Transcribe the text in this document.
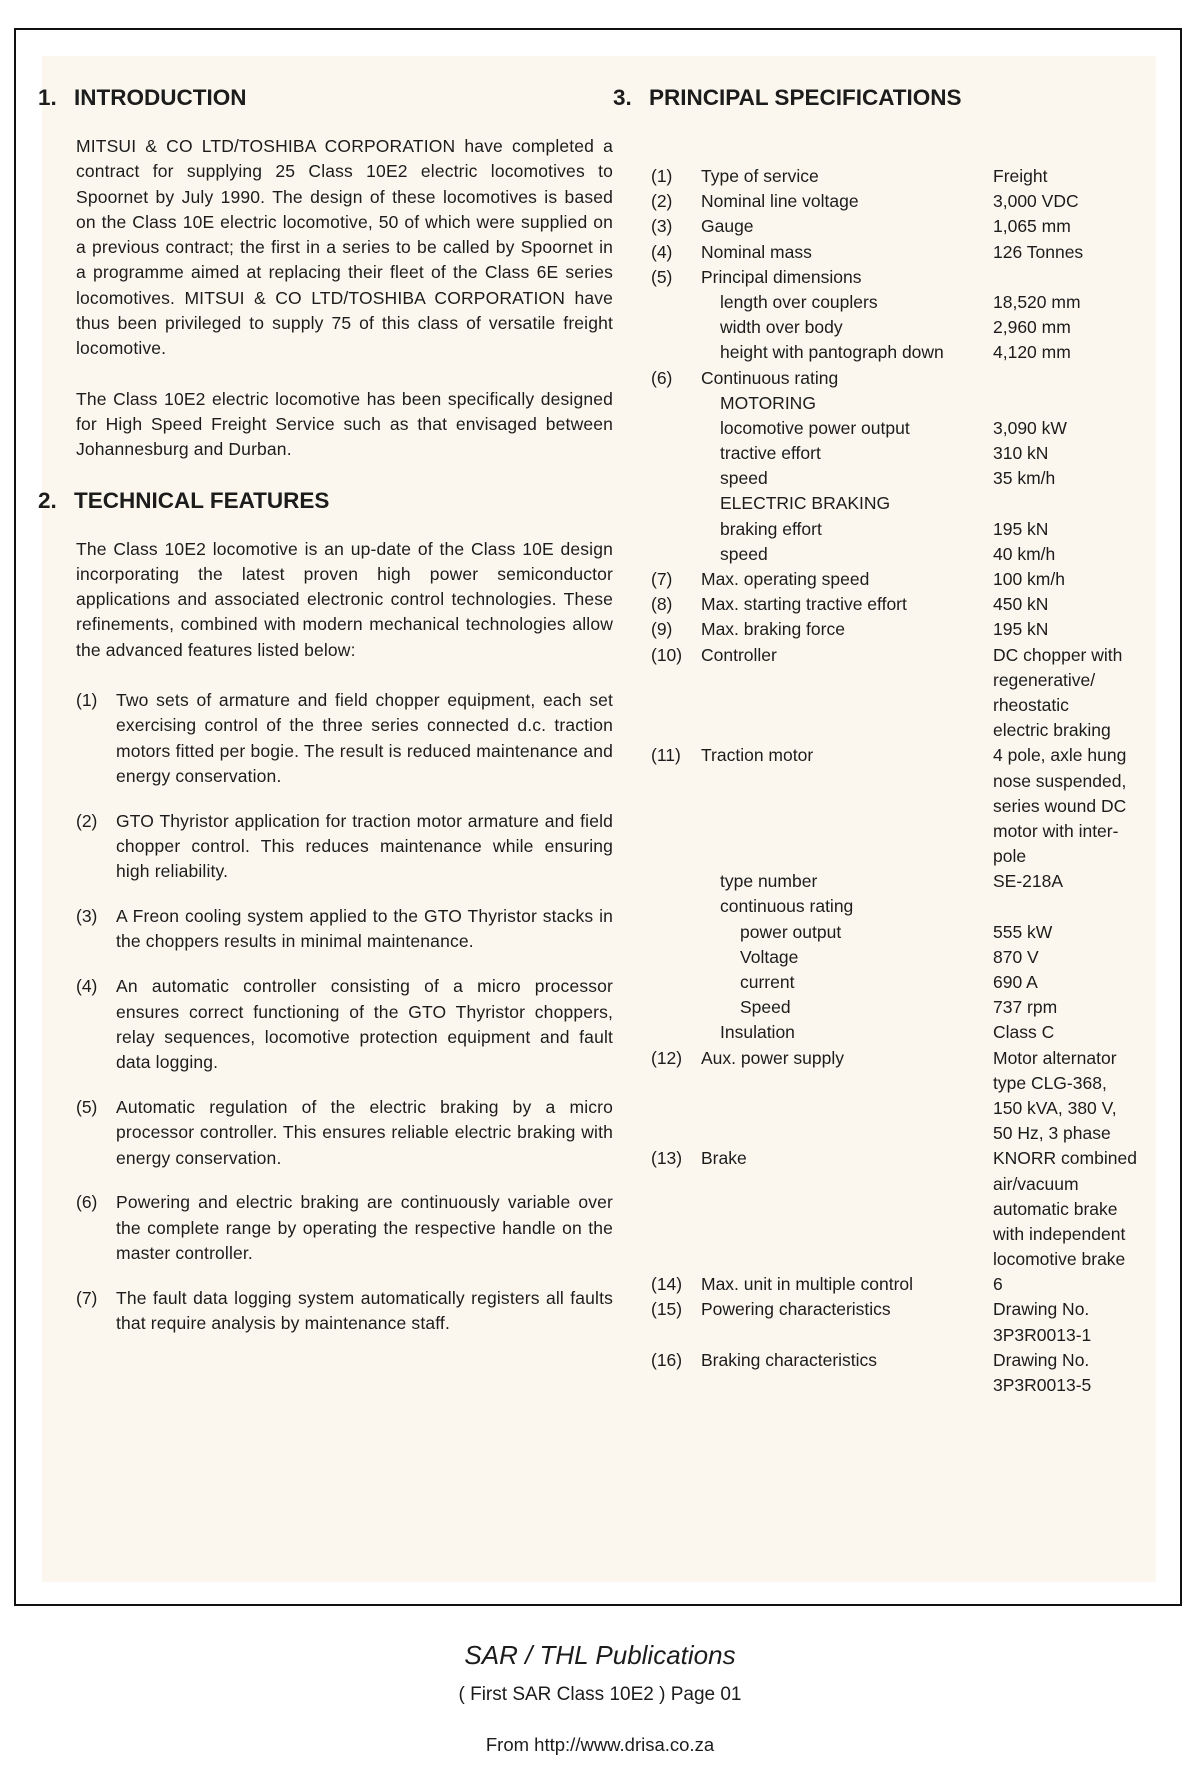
1. INTRODUCTION

MITSUI & CO LTD/TOSHIBA CORPORATION have completed a contract for supplying 25 Class 10E2 electric locomotives to Spoornet by July 1990. The design of these locomotives is based on the Class 10E electric locomotive, 50 of which were supplied on a previous contract; the first in a series to be called by Spoornet in a programme aimed at replacing their fleet of the Class 6E series locomotives. MITSUI & CO LTD/TOSHIBA CORPORATION have thus been privileged to supply 75 of this class of versatile freight locomotive.

The Class 10E2 electric locomotive has been specifically designed for High Speed Freight Service such as that envisaged between Johannesburg and Durban.

2. TECHNICAL FEATURES

The Class 10E2 locomotive is an up-date of the Class 10E design incorporating the latest proven high power semiconductor applications and associated electronic control technologies. These refinements, combined with modern mechanical technologies allow the advanced features listed below:

(1)	Two sets of armature and field chopper equipment, each set exercising control of the three series connected d.c. traction motors fitted per bogie. The result is reduced maintenance and energy conservation.
(2)	GTO Thyristor application for traction motor armature and field chopper control. This reduces maintenance while ensuring high reliability.
(3)	A Freon cooling system applied to the GTO Thyristor stacks in the choppers results in minimal maintenance.
(4)	An automatic controller consisting of a micro processor ensures correct functioning of the GTO Thyristor choppers, relay sequences, locomotive protection equipment and fault data logging.
(5)	Automatic regulation of the electric braking by a micro processor controller. This ensures reliable electric braking with energy conservation.
(6)	Powering and electric braking are continuously variable over the complete range by operating the respective handle on the master controller.
(7)	The fault data logging system automatically registers all faults that require analysis by maintenance staff.
3. PRINCIPAL SPECIFICATIONS
(1)	Type of service	Freight
(2)	Nominal line voltage	3,000 VDC
(3)	Gauge	1,065 mm
(4)	Nominal mass	126 Tonnes
(5)	Principal dimensions
length over couplers	18,520 mm
width over body	2,960 mm
height with pantograph down	4,120 mm
(6)	Continuous rating
MOTORING
locomotive power output	3,090 kW
tractive effort	310 kN
speed	35 km/h
ELECTRIC BRAKING
braking effort	195 kN
speed	40 km/h
(7)	Max. operating speed	100 km/h
(8)	Max. starting tractive effort	450 kN
(9)	Max. braking force	195 kN
(10)	Controller	DC chopper with
regenerative/
rheostatic
electric braking
(11)	Traction motor	4 pole, axle hung
nose suspended,
series wound DC
motor with inter-
pole
type number	SE-218A
continuous rating
power output	555 kW
Voltage	870 V
current	690 A
Speed	737 rpm
Insulation	Class C
(12)	Aux. power supply	Motor alternator
type CLG-368,
150 kVA, 380 V,
50 Hz, 3 phase
(13)	Brake	KNORR combined
air/vacuum
automatic brake
with independent
locomotive brake
(14)	Max. unit in multiple control	6
(15)	Powering characteristics	Drawing No.
3P3R0013-1
(16)	Braking characteristics	Drawing No.
3P3R0013-5
SAR / THL Publications
( First SAR Class 10E2 ) Page 01
From http://www.drisa.co.za
